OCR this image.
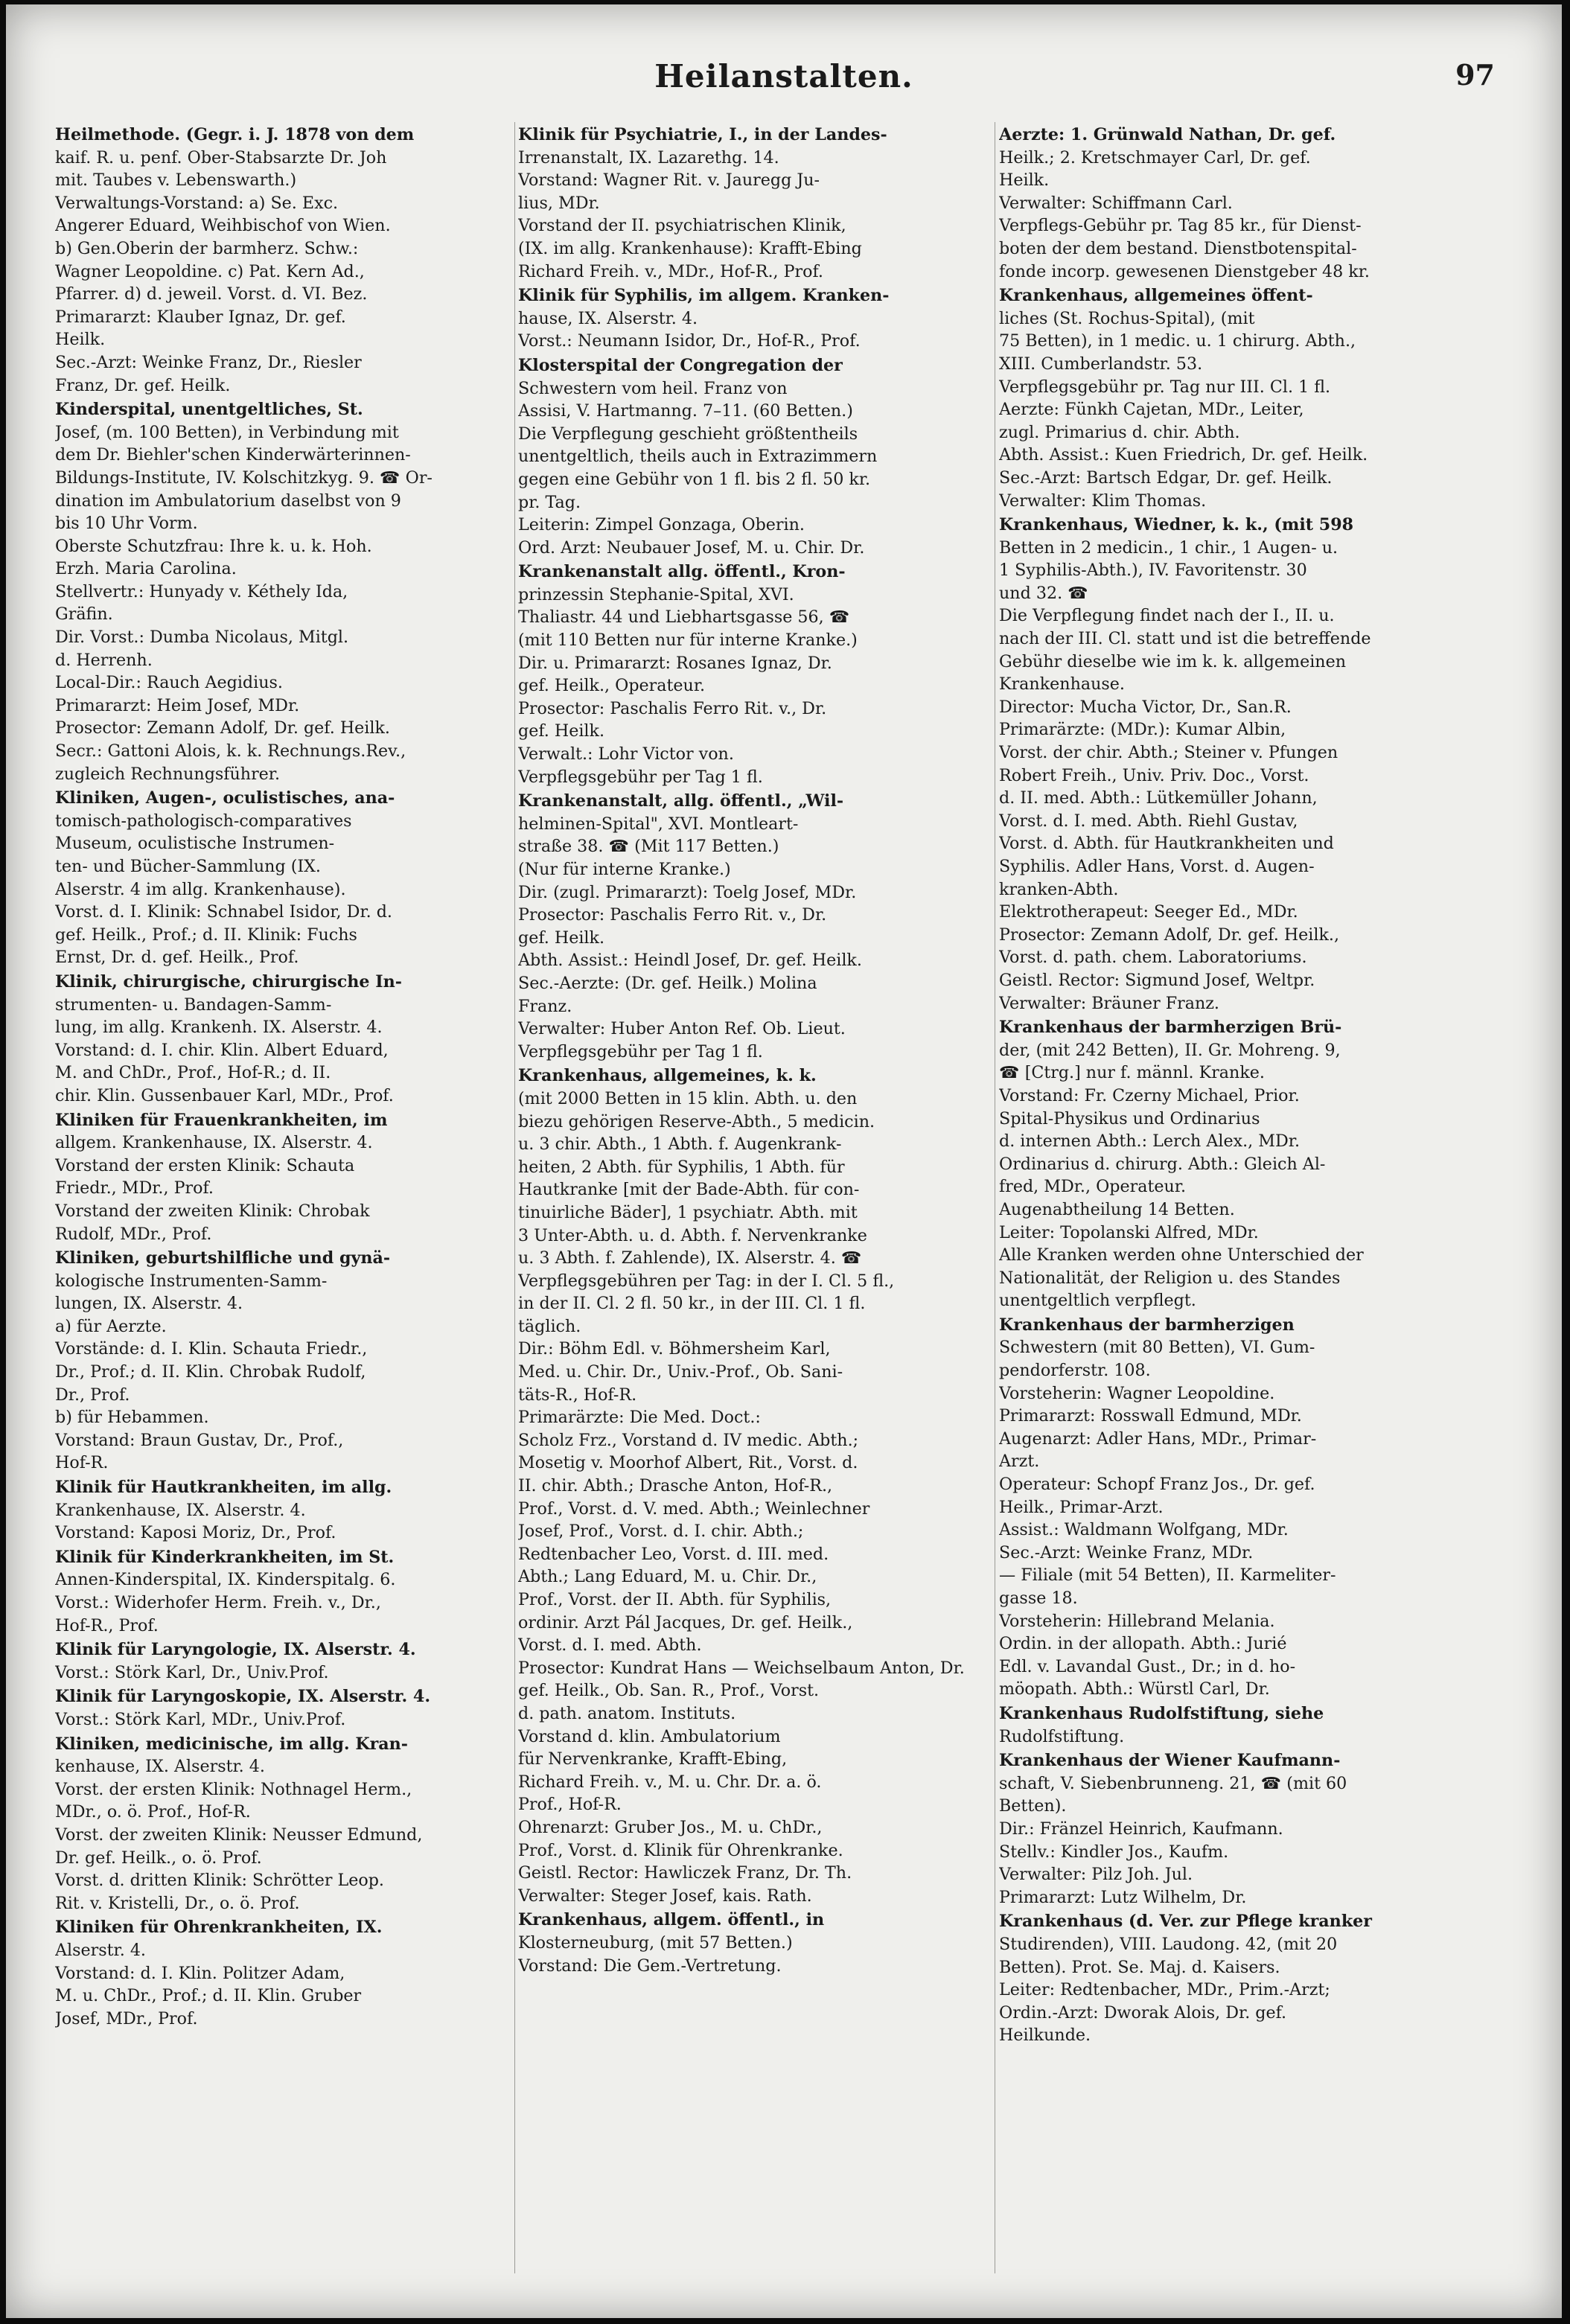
Heilanstalten.	97
Heilmethode. (Gegr. i. J. 1878 von dem
kaif. R. u. penf. Ober-Stabsarzte Dr. Joh
mit. Taubes v. Lebenswarth.)
Verwaltungs-Vorstand: a) Se. Exc.
Angerer Eduard, Weihbischof von Wien.
b) Gen.Oberin der barmherz. Schw.:
Wagner Leopoldine. c) Pat. Kern Ad.,
Pfarrer. d) d. jeweil. Vorst. d. VI. Bez.
Primararzt: Klauber Ignaz, Dr. gef.
Heilk.
Sec.-Arzt: Weinke Franz, Dr., Riesler
Franz, Dr. gef. Heilk.
Kinderspital, unentgeltliches, St.
Josef, (m. 100 Betten), in Verbindung mit
dem Dr. Biehler'schen Kinderwärterinnen-
Bildungs-Institute, IV. Kolschitzkyg. 9. ☎ Or-
dination im Ambulatorium daselbst von 9
bis 10 Uhr Vorm.
Oberste Schutzfrau: Ihre k. u. k. Hoh.
Erzh. Maria Carolina.
Stellvertr.: Hunyady v. Kéthely Ida,
Gräfin.
Dir. Vorst.: Dumba Nicolaus, Mitgl.
d. Herrenh.
Local-Dir.: Rauch Aegidius.
Primararzt: Heim Josef, MDr.
Prosector: Zemann Adolf, Dr. gef. Heilk.
Secr.: Gattoni Alois, k. k. Rechnungs.Rev.,
zugleich Rechnungsführer.
Kliniken, Augen-, oculistisches, ana-
tomisch-pathologisch-comparatives
Museum, oculistische Instrumen-
ten- und Bücher-Sammlung (IX.
Alserstr. 4 im allg. Krankenhause).
Vorst. d. I. Klinik: Schnabel Isidor, Dr. d.
gef. Heilk., Prof.; d. II. Klinik: Fuchs
Ernst, Dr. d. gef. Heilk., Prof.
Klinik, chirurgische, chirurgische In-
strumenten- u. Bandagen-Samm-
lung, im allg. Krankenh. IX. Alserstr. 4.
Vorstand: d. I. chir. Klin. Albert Eduard,
M. and ChDr., Prof., Hof-R.; d. II.
chir. Klin. Gussenbauer Karl, MDr., Prof.
Kliniken für Frauenkrankheiten, im
allgem. Krankenhause, IX. Alserstr. 4.
Vorstand der ersten Klinik: Schauta
Friedr., MDr., Prof.
Vorstand der zweiten Klinik: Chrobak
Rudolf, MDr., Prof.
Kliniken, geburtshilfliche und gynä-
kologische Instrumenten-Samm-
lungen, IX. Alserstr. 4.
a) für Aerzte.
Vorstände: d. I. Klin. Schauta Friedr.,
Dr., Prof.; d. II. Klin. Chrobak Rudolf,
Dr., Prof.
b) für Hebammen.
Vorstand: Braun Gustav, Dr., Prof.,
Hof-R.
Klinik für Hautkrankheiten, im allg.
Krankenhause, IX. Alserstr. 4.
Vorstand: Kaposi Moriz, Dr., Prof.
Klinik für Kinderkrankheiten, im St.
Annen-Kinderspital, IX. Kinderspitalg. 6.
Vorst.: Widerhofer Herm. Freih. v., Dr.,
Hof-R., Prof.
Klinik für Laryngologie, IX. Alserstr. 4.
Vorst.: Störk Karl, Dr., Univ.Prof.
Klinik für Laryngoskopie, IX. Alserstr. 4.
Vorst.: Störk Karl, MDr., Univ.Prof.
Kliniken, medicinische, im allg. Kran-
kenhause, IX. Alserstr. 4.
Vorst. der ersten Klinik: Nothnagel Herm.,
MDr., o. ö. Prof., Hof-R.
Vorst. der zweiten Klinik: Neusser Edmund,
Dr. gef. Heilk., o. ö. Prof.
Vorst. d. dritten Klinik: Schrötter Leop.
Rit. v. Kristelli, Dr., o. ö. Prof.
Kliniken für Ohrenkrankheiten, IX.
Alserstr. 4.
Vorstand: d. I. Klin. Politzer Adam,
M. u. ChDr., Prof.; d. II. Klin. Gruber
Josef, MDr., Prof.
Klinik für Psychiatrie, I., in der Landes-
Irrenanstalt, IX. Lazarethg. 14.
Vorstand: Wagner Rit. v. Jauregg Ju-
lius, MDr.
Vorstand der II. psychiatrischen Klinik,
(IX. im allg. Krankenhause): Krafft-Ebing
Richard Freih. v., MDr., Hof-R., Prof.
Klinik für Syphilis, im allgem. Kranken-
hause, IX. Alserstr. 4.
Vorst.: Neumann Isidor, Dr., Hof-R., Prof.
Klosterspital der Congregation der
Schwestern vom heil. Franz von
Assisi, V. Hartmanng. 7–11. (60 Betten.)
Die Verpflegung geschieht größtentheils
unentgeltlich, theils auch in Extrazimmern
gegen eine Gebühr von 1 fl. bis 2 fl. 50 kr.
pr. Tag.
Leiterin: Zimpel Gonzaga, Oberin.
Ord. Arzt: Neubauer Josef, M. u. Chir. Dr.
Krankenanstalt allg. öffentl., Kron-
prinzessin Stephanie-Spital, XVI.
Thaliastr. 44 und Liebhartsgasse 56, ☎
(mit 110 Betten nur für interne Kranke.)
Dir. u. Primararzt: Rosanes Ignaz, Dr.
gef. Heilk., Operateur.
Prosector: Paschalis Ferro Rit. v., Dr.
gef. Heilk.
Verwalt.: Lohr Victor von.
Verpflegsgebühr per Tag 1 fl.
Krankenanstalt, allg. öffentl., „Wil-
helminen-Spital", XVI. Montleart-
straße 38. ☎ (Mit 117 Betten.)
(Nur für interne Kranke.)
Dir. (zugl. Primararzt): Toelg Josef, MDr.
Prosector: Paschalis Ferro Rit. v., Dr.
gef. Heilk.
Abth. Assist.: Heindl Josef, Dr. gef. Heilk.
Sec.-Aerzte: (Dr. gef. Heilk.) Molina
Franz.
Verwalter: Huber Anton Ref. Ob. Lieut.
Verpflegsgebühr per Tag 1 fl.
Krankenhaus, allgemeines, k. k.
(mit 2000 Betten in 15 klin. Abth. u. den
biezu gehörigen Reserve-Abth., 5 medicin.
u. 3 chir. Abth., 1 Abth. f. Augenkrank-
heiten, 2 Abth. für Syphilis, 1 Abth. für
Hautkranke [mit der Bade-Abth. für con-
tinuirliche Bäder], 1 psychiatr. Abth. mit
3 Unter-Abth. u. d. Abth. f. Nervenkranke
u. 3 Abth. f. Zahlende), IX. Alserstr. 4. ☎
Verpflegsgebühren per Tag: in der I. Cl. 5 fl.,
in der II. Cl. 2 fl. 50 kr., in der III. Cl. 1 fl.
täglich.
Dir.: Böhm Edl. v. Böhmersheim Karl,
Med. u. Chir. Dr., Univ.-Prof., Ob. Sani-
täts-R., Hof-R.
Primarärzte: Die Med. Doct.:
Scholz Frz., Vorstand d. IV medic. Abth.;
Mosetig v. Moorhof Albert, Rit., Vorst. d.
II. chir. Abth.; Drasche Anton, Hof-R.,
Prof., Vorst. d. V. med. Abth.; Weinlechner
Josef, Prof., Vorst. d. I. chir. Abth.;
Redtenbacher Leo, Vorst. d. III. med.
Abth.; Lang Eduard, M. u. Chir. Dr.,
Prof., Vorst. der II. Abth. für Syphilis,
ordinir. Arzt Pál Jacques, Dr. gef. Heilk.,
Vorst. d. I. med. Abth.
Prosector: Kundrat Hans — Weichselbaum Anton, Dr.
gef. Heilk., Ob. San. R., Prof., Vorst.
d. path. anatom. Instituts.
Vorstand d. klin. Ambulatorium
für Nervenkranke, Krafft-Ebing,
Richard Freih. v., M. u. Chr. Dr. a. ö.
Prof., Hof-R.
Ohrenarzt: Gruber Jos., M. u. ChDr.,
Prof., Vorst. d. Klinik für Ohrenkranke.
Geistl. Rector: Hawliczek Franz, Dr. Th.
Verwalter: Steger Josef, kais. Rath.
Krankenhaus, allgem. öffentl., in
Klosterneuburg, (mit 57 Betten.)
Vorstand: Die Gem.-Vertretung.
Aerzte: 1. Grünwald Nathan, Dr. gef.
Heilk.; 2. Kretschmayer Carl, Dr. gef.
Heilk.
Verwalter: Schiffmann Carl.
Verpflegs-Gebühr pr. Tag 85 kr., für Dienst-
boten der dem bestand. Dienstbotenspital-
fonde incorp. gewesenen Dienstgeber 48 kr.
Krankenhaus, allgemeines öffent-
liches (St. Rochus-Spital), (mit
75 Betten), in 1 medic. u. 1 chirurg. Abth.,
XIII. Cumberlandstr. 53.
Verpflegsgebühr pr. Tag nur III. Cl. 1 fl.
Aerzte: Fünkh Cajetan, MDr., Leiter,
zugl. Primarius d. chir. Abth.
Abth. Assist.: Kuen Friedrich, Dr. gef. Heilk.
Sec.-Arzt: Bartsch Edgar, Dr. gef. Heilk.
Verwalter: Klim Thomas.
Krankenhaus, Wiedner, k. k., (mit 598
Betten in 2 medicin., 1 chir., 1 Augen- u.
1 Syphilis-Abth.), IV. Favoritenstr. 30
und 32. ☎
Die Verpflegung findet nach der I., II. u.
nach der III. Cl. statt und ist die betreffende
Gebühr dieselbe wie im k. k. allgemeinen
Krankenhause.
Director: Mucha Victor, Dr., San.R.
Primarärzte: (MDr.): Kumar Albin,
Vorst. der chir. Abth.; Steiner v. Pfungen
Robert Freih., Univ. Priv. Doc., Vorst.
d. II. med. Abth.: Lütkemüller Johann,
Vorst. d. I. med. Abth. Riehl Gustav,
Vorst. d. Abth. für Hautkrankheiten und
Syphilis. Adler Hans, Vorst. d. Augen-
kranken-Abth.
Elektrotherapeut: Seeger Ed., MDr.
Prosector: Zemann Adolf, Dr. gef. Heilk.,
Vorst. d. path. chem. Laboratoriums.
Geistl. Rector: Sigmund Josef, Weltpr.
Verwalter: Bräuner Franz.
Krankenhaus der barmherzigen Brü-
der, (mit 242 Betten), II. Gr. Mohreng. 9,
☎ [Ctrg.] nur f. männl. Kranke.
Vorstand: Fr. Czerny Michael, Prior.
Spital-Physikus und Ordinarius
d. internen Abth.: Lerch Alex., MDr.
Ordinarius d. chirurg. Abth.: Gleich Al-
fred, MDr., Operateur.
Augenabtheilung 14 Betten.
Leiter: Topolanski Alfred, MDr.
Alle Kranken werden ohne Unterschied der
Nationalität, der Religion u. des Standes
unentgeltlich verpflegt.
Krankenhaus der barmherzigen
Schwestern (mit 80 Betten), VI. Gum-
pendorferstr. 108.
Vorsteherin: Wagner Leopoldine.
Primararzt: Rosswall Edmund, MDr.
Augenarzt: Adler Hans, MDr., Primar-
Arzt.
Operateur: Schopf Franz Jos., Dr. gef.
Heilk., Primar-Arzt.
Assist.: Waldmann Wolfgang, MDr.
Sec.-Arzt: Weinke Franz, MDr.
— Filiale (mit 54 Betten), II. Karmeliter-
gasse 18.
Vorsteherin: Hillebrand Melania.
Ordin. in der allopath. Abth.: Jurié
Edl. v. Lavandal Gust., Dr.; in d. ho-
möopath. Abth.: Würstl Carl, Dr.
Krankenhaus Rudolfstiftung, siehe
Rudolfstiftung.
Krankenhaus der Wiener Kaufmann-
schaft, V. Siebenbrunneng. 21, ☎ (mit 60
Betten).
Dir.: Fränzel Heinrich, Kaufmann.
Stellv.: Kindler Jos., Kaufm.
Verwalter: Pilz Joh. Jul.
Primararzt: Lutz Wilhelm, Dr.
Krankenhaus (d. Ver. zur Pflege kranker
Studirenden), VIII. Laudong. 42, (mit 20
Betten). Prot. Se. Maj. d. Kaisers.
Leiter: Redtenbacher, MDr., Prim.-Arzt;
Ordin.-Arzt: Dworak Alois, Dr. gef.
Heilkunde.
